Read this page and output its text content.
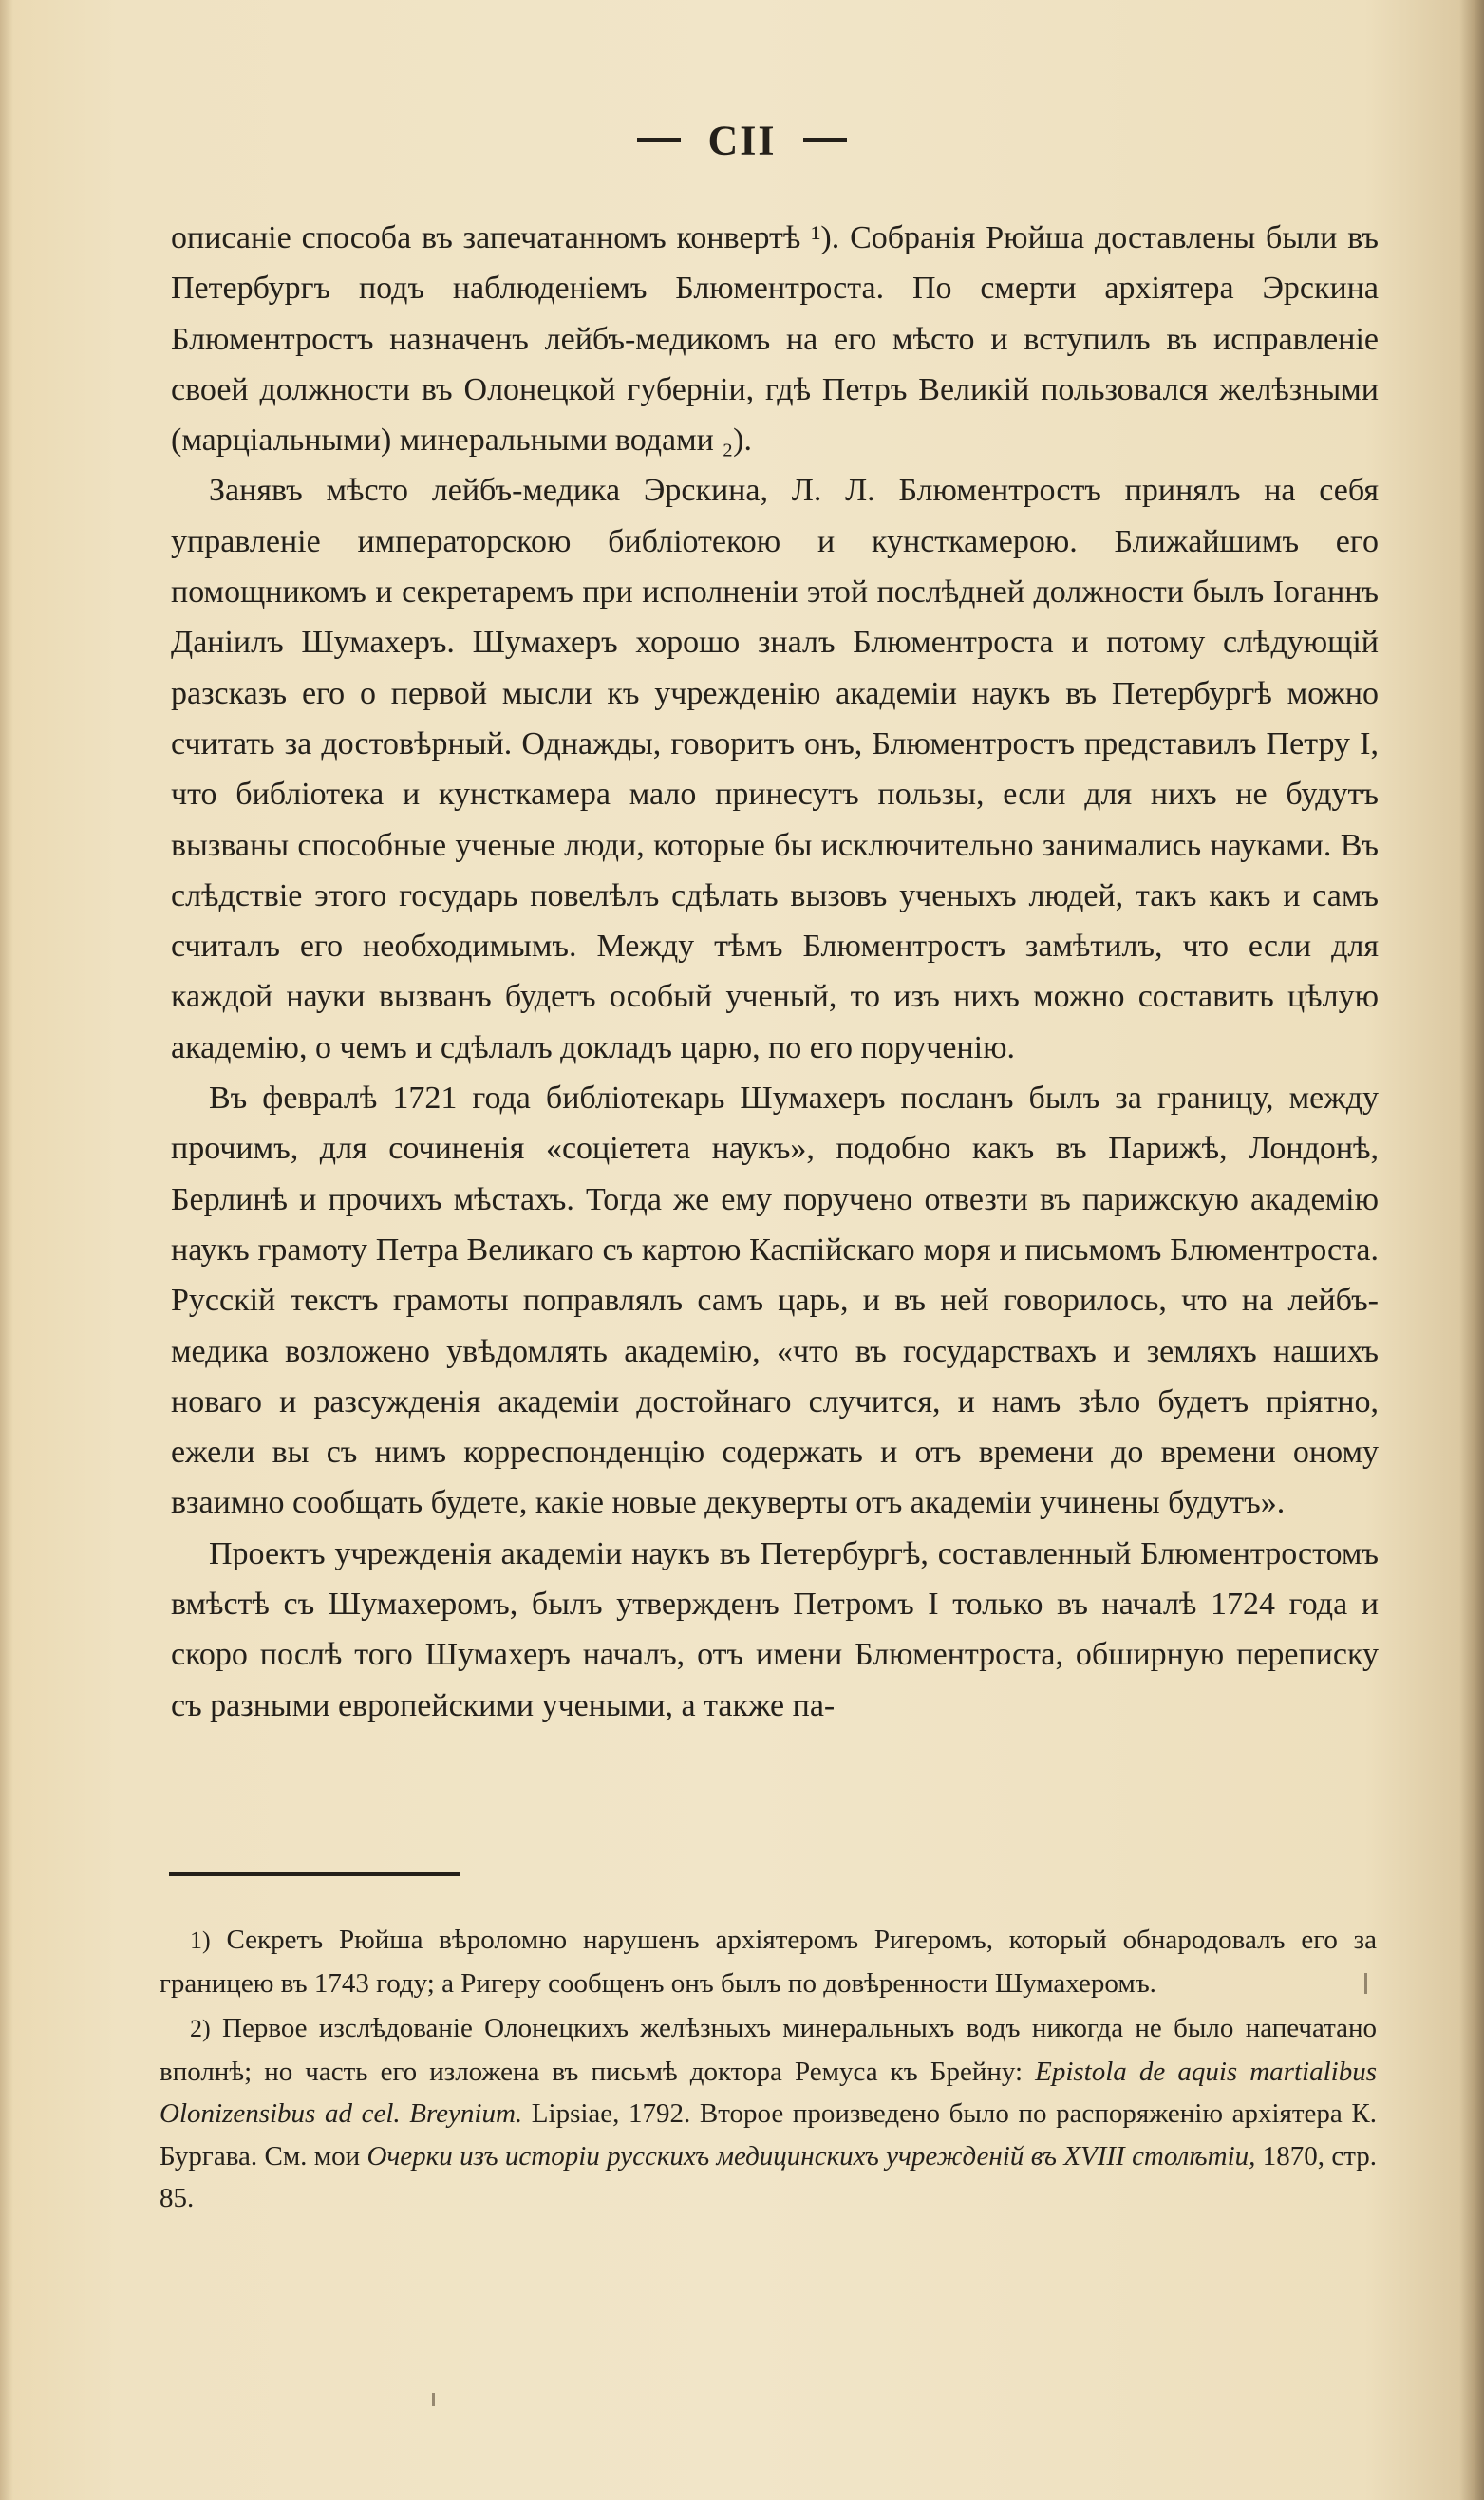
CII

описаніе способа въ запечатанномъ конвертѣ ¹). Собранія Рюйша доставлены были въ Петербургъ подъ наблюденіемъ Блюментроста. По смерти архіятера Эрскина Блюментростъ назначенъ лейбъ-медикомъ на его мѣсто и вступилъ въ исправленіе своей должности въ Олонецкой губерніи, гдѣ Петръ Великій пользовался желѣзными (марціальными) минеральными водами ₂).

Занявъ мѣсто лейбъ-медика Эрскина, Л. Л. Блюментростъ принялъ на себя управленіе императорскою библіотекою и кунсткамерою. Ближайшимъ его помощникомъ и секретаремъ при исполненіи этой послѣдней должности былъ Іоганнъ Даніилъ Шумахеръ. Шумахеръ хорошо зналъ Блюментроста и потому слѣдующій разсказъ его о первой мысли къ учрежденію академіи наукъ въ Петербургѣ можно считать за достовѣрный. Однажды, говоритъ онъ, Блюментростъ представилъ Петру I, что библіотека и кунсткамера мало принесутъ пользы, если для нихъ не будутъ вызваны способные ученые люди, которые бы исключительно занимались науками. Въ слѣдствіе этого государь повелѣлъ сдѣлать вызовъ ученыхъ людей, такъ какъ и самъ считалъ его необходимымъ. Между тѣмъ Блюментростъ замѣтилъ, что если для каждой науки вызванъ будетъ особый ученый, то изъ нихъ можно составить цѣлую академію, о чемъ и сдѣлалъ докладъ царю, по его порученію.

Въ февралѣ 1721 года библіотекарь Шумахеръ посланъ былъ за границу, между прочимъ, для сочиненія «соціетета наукъ», подобно какъ въ Парижѣ, Лондонѣ, Берлинѣ и прочихъ мѣстахъ. Тогда же ему поручено отвезти въ парижскую академію наукъ грамоту Петра Великаго съ картою Каспійскаго моря и письмомъ Блюментроста. Русскій текстъ грамоты поправлялъ самъ царь, и въ ней говорилось, что на лейбъ-медика возложено увѣдомлять академію, «что въ государствахъ и земляхъ нашихъ новаго и разсужденія академіи достойнаго случится, и намъ зѣло будетъ пріятно, ежели вы съ нимъ корреспонденцію содержать и отъ времени до времени оному взаимно сообщать будете, какіе новые декуверты отъ академіи учинены будутъ».

Проектъ учрежденія академіи наукъ въ Петербургѣ, составленный Блюментростомъ вмѣстѣ съ Шумахеромъ, былъ утвержденъ Петромъ I только въ началѣ 1724 года и скоро послѣ того Шумахеръ началъ, отъ имени Блюментроста, обширную переписку съ разными европейскими учеными, а также па-

1) Секретъ Рюйша вѣроломно нарушенъ архіятеромъ Ригеромъ, который обнародовалъ его за границею въ 1743 году; а Ригеру сообщенъ онъ былъ по довѣренности Шумахеромъ.

2) Первое изслѣдованіе Олонецкихъ желѣзныхъ минеральныхъ водъ никогда не было напечатано вполнѣ; но часть его изложена въ письмѣ доктора Ремуса къ Брейну: Epistola de aquis martialibus Olonizensibus ad cel. Breynium. Lipsiae, 1792. Второе произведено было по распоряженію архіятера К. Бургава. См. мои Очерки изъ исторіи русскихъ медицинскихъ учрежденій въ XVIII столѣтіи, 1870, стр. 85.
